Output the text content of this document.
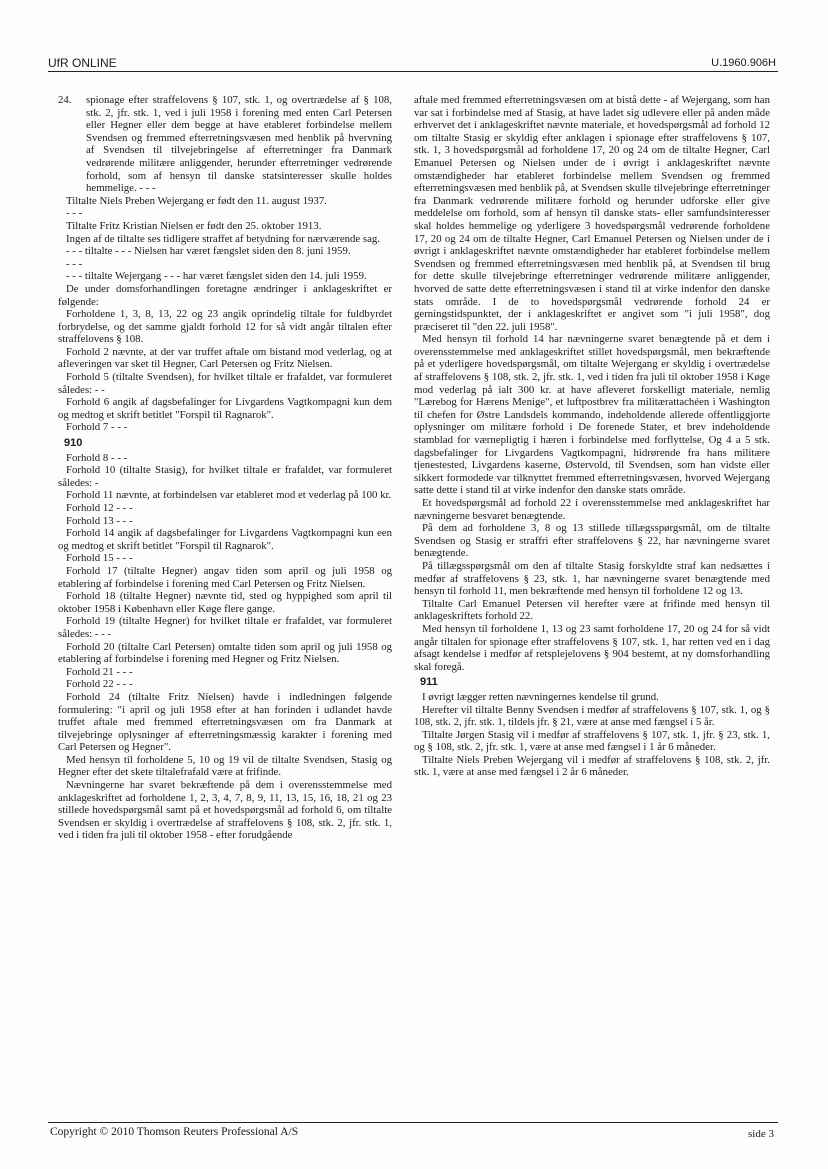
UfR ONLINE	U.1960.906H
24.	spionage efter straffelovens § 107, stk. 1, og overtrædelse af § 108, stk. 2, jfr. stk. 1, ved i juli 1958 i forening med enten Carl Petersen eller Hegner eller dem begge at have etableret forbindelse mellem Svendsen og fremmed efterretningsvæsen med henblik på hvervning af Svendsen til tilvejebringelse af efterretninger fra Danmark vedrørende militære anliggender, herunder efterretninger vedrørende forhold, som af hensyn til danske statsinteresser skulle holdes hemmelige. - - -

Tiltalte Niels Preben Wejergang er født den 11. august 1937.

- - -

Tiltalte Fritz Kristian Nielsen er født den 25. oktober 1913.

Ingen af de tiltalte ses tidligere straffet af betydning for nærværende sag.

- - - tiltalte - - - Nielsen har været fængslet siden den 8. juni 1959.

- - -

- - - tiltalte Wejergang - - - har været fængslet siden den 14. juli 1959.

De under domsforhandlingen foretagne ændringer i anklageskriftet er følgende:

Forholdene 1, 3, 8, 13, 22 og 23 angik oprindelig tiltale for fuldbyrdet forbrydelse, og det samme gjaldt forhold 12 for så vidt angår tiltalen efter straffelovens § 108.

Forhold 2 nævnte, at der var truffet aftale om bistand mod vederlag, og at afleveringen var sket til Hegner, Carl Petersen og Fritz Nielsen.

Forhold 5 (tiltalte Svendsen), for hvilket tiltale er frafaldet, var formuleret således: - -

Forhold 6 angik af dagsbefalinger for Livgardens Vagtkompagni kun dem og medtog et skrift betitlet "Forspil til Ragnarok".

Forhold 7 - - -

910

Forhold 8 - - -

Forhold 10 (tiltalte Stasig), for hvilket tiltale er frafaldet, var formuleret således: -

Forhold 11 nævnte, at forbindelsen var etableret mod et vederlag på 100 kr.

Forhold 12 - - -

Forhold 13 - - -

Forhold 14 angik af dagsbefalinger for Livgardens Vagtkompagni kun een og medtog et skrift betitlet "Forspil til Ragnarok".

Forhold 15 - - -

Forhold 17 (tiltalte Hegner) angav tiden som april og juli 1958 og etablering af forbindelse i forening med Carl Petersen og Fritz Nielsen.

Forhold 18 (tiltalte Hegner) nævnte tid, sted og hyppighed som april til oktober 1958 i København eller Køge flere gange.

Forhold 19 (tiltalte Hegner) for hvilket tiltale er frafaldet, var formuleret således: - - -

Forhold 20 (tiltalte Carl Petersen) omtalte tiden som april og juli 1958 og etablering af forbindelse i forening med Hegner og Fritz Nielsen.

Forhold 21 - - -

Forhold 22 - - -

Forhold 24 (tiltalte Fritz Nielsen) havde i indledningen følgende formulering: "i april og juli 1958 efter at han forinden i udlandet havde truffet aftale med fremmed efterretningsvæsen om fra Danmark at tilvejebringe oplysninger af efterretningsmæssig karakter i forening med Carl Petersen og Hegner".

Med hensyn til forholdene 5, 10 og 19 vil de tiltalte Svendsen, Stasig og Hegner efter det skete tiltalefrafald være at frifinde.

Nævningerne har svaret bekræftende på dem i overensstemmelse med anklageskriftet ad forholdene 1, 2, 3, 4, 7, 8, 9, 11, 13, 15, 16, 18, 21 og 23 stillede hovedspørgsmål samt på et hovedspørgsmål ad forhold 6, om tiltalte Svendsen er skyldig i overtrædelse af straffelovens § 108, stk. 2, jfr. stk. 1, ved i tiden fra juli til oktober 1958 - efter forudgående

aftale med fremmed efterretningsvæsen om at bistå dette - af Wejergang, som han var sat i forbindelse med af Stasig, at have ladet sig udlevere eller på anden måde erhvervet det i anklageskriftet nævnte materiale, et hovedspørgsmål ad forhold 12 om tiltalte Stasig er skyldig efter anklagen i spionage efter straffelovens § 107, stk. 1, 3 hovedspørgsmål ad forholdene 17, 20 og 24 om de tiltalte Hegner, Carl Emanuel Petersen og Nielsen under de i øvrigt i anklageskriftet nævnte omstændigheder har etableret forbindelse mellem Svendsen og fremmed efterretningsvæsen med henblik på, at Svendsen skulle tilvejebringe efterretninger fra Danmark vedrørende militære forhold og herunder udforske eller give meddelelse om forhold, som af hensyn til danske stats- eller samfundsinteresser skal holdes hemmelige og yderligere 3 hovedspørgsmål vedrørende forholdene 17, 20 og 24 om de tiltalte Hegner, Carl Emanuel Petersen og Nielsen under de i øvrigt i anklageskriftet nævnte omstændigheder har etableret forbindelse mellem Svendsen og fremmed efterretningsvæsen med henblik på, at Svendsen til brug for dette skulle tilvejebringe efterretninger vedrørende militære anliggender, hvorved de satte dette efterretningsvæsen i stand til at virke indenfor den danske stats område. I de to hovedspørgsmål vedrørende forhold 24 er gerningstidspunktet, der i anklageskriftet er angivet som "i juli 1958", dog præciseret til "den 22. juli 1958".

Med hensyn til forhold 14 har nævningerne svaret benægtende på et dem i overensstemmelse med anklageskriftet stillet hovedspørgsmål, men bekræftende på et yderligere hovedspørgsmål, om tiltalte Wejergang er skyldig i overtrædelse af straffelovens § 108, stk. 2, jfr. stk. 1, ved i tiden fra juli til oktober 1958 i Køge mod vederlag på ialt 300 kr. at have afleveret forskelligt materiale, nemlig "Lærebog for Hærens Menige", et luftpostbrev fra militærattachéen i Washington til chefen for Østre Landsdels kommando, indeholdende allerede offentliggjorte oplysninger om militære forhold i De forenede Stater, et brev indeholdende stamblad for værnepligtig i hæren i forbindelse med forflyttelse, Og 4 a 5 stk. dagsbefalinger for Livgardens Vagtkompagni, hidrørende fra hans militære tjenestested, Livgardens kaserne, Østervold, til Svendsen, som han vidste eller sikkert formodede var tilknyttet fremmed efterretningsvæsen, hvorved Wejergang satte dette i stand til at virke indenfor den danske stats område.

Et hovedspørgsmål ad forhold 22 i overensstemmelse med anklageskriftet har nævningerne besvaret benægtende.

På dem ad forholdene 3, 8 og 13 stillede tillægsspørgsmål, om de tiltalte Svendsen og Stasig er straffri efter straffelovens § 22, har nævningerne svaret benægtende.

På tillægsspørgsmål om den af tiltalte Stasig forskyldte straf kan nedsættes i medfør af straffelovens § 23, stk. 1, har nævningerne svaret benægtende med hensyn til forhold 11, men bekræftende med hensyn til forholdene 12 og 13.

Tiltalte Carl Emanuel Petersen vil herefter være at frifinde med hensyn til anklageskriftets forhold 22.

Med hensyn til forholdene 1, 13 og 23 samt forholdene 17, 20 og 24 for så vidt angår tiltalen for spionage efter straffelovens § 107, stk. 1, har retten ved en i dag afsagt kendelse i medfør af retsplejelovens § 904 bestemt, at ny domsforhandling skal foregå.

911

I øvrigt lægger retten nævningernes kendelse til grund.

Herefter vil tiltalte Benny Svendsen i medfør af straffelovens § 107, stk. 1, og § 108, stk. 2, jfr. stk. 1, tildels jfr. § 21, være at anse med fængsel i 5 år.

Tiltalte Jørgen Stasig vil i medfør af straffelovens § 107, stk. 1, jfr. § 23, stk. 1, og § 108, stk. 2, jfr. stk. 1, være at anse med fængsel i 1 år 6 måneder.

Tiltalte Niels Preben Wejergang vil i medfør af straffelovens § 108, stk. 2, jfr. stk. 1, være at anse med fængsel i 2 år 6 måneder.

Copyright © 2010 Thomson Reuters Professional A/S	side 3
